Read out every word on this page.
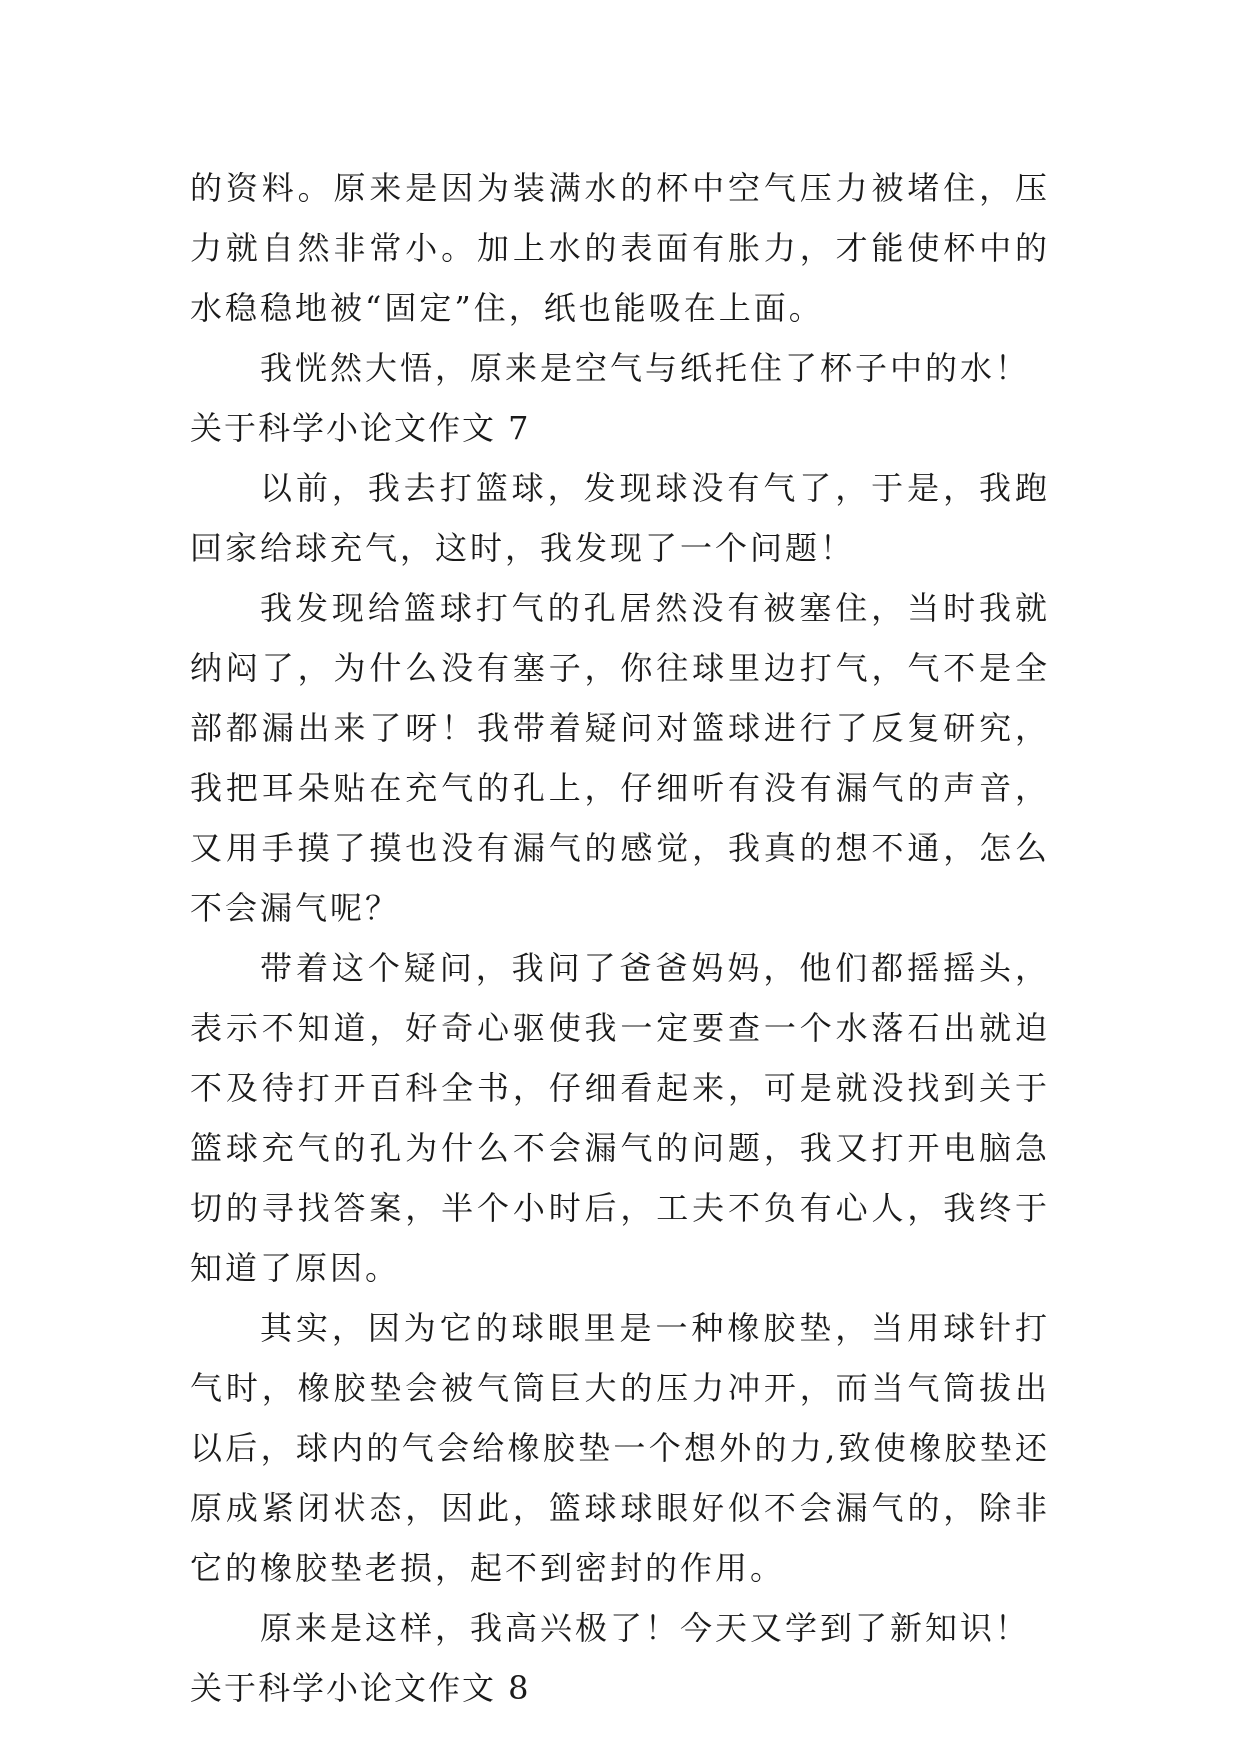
的资料。原来是因为装满水的杯中空气压力被堵住，压力就自然非常小。加上水的表面有胀力，才能使杯中的水稳稳地被“固定”住，纸也能吸在上面。

我恍然大悟，原来是空气与纸托住了杯子中的水！

关于科学小论文作文 7

以前，我去打篮球，发现球没有气了，于是，我跑回家给球充气，这时，我发现了一个问题！

我发现给篮球打气的孔居然没有被塞住，当时我就纳闷了，为什么没有塞子，你往球里边打气，气不是全部都漏出来了呀！我带着疑问对篮球进行了反复研究，我把耳朵贴在充气的孔上，仔细听有没有漏气的声音，又用手摸了摸也没有漏气的感觉，我真的想不通，怎么不会漏气呢？

带着这个疑问，我问了爸爸妈妈，他们都摇摇头，表示不知道，好奇心驱使我一定要查一个水落石出就迫不及待打开百科全书，仔细看起来，可是就没找到关于篮球充气的孔为什么不会漏气的问题，我又打开电脑急切的寻找答案，半个小时后，工夫不负有心人，我终于知道了原因。

其实，因为它的球眼里是一种橡胶垫，当用球针打气时，橡胶垫会被气筒巨大的压力冲开，而当气筒拔出以后，球内的气会给橡胶垫一个想外的力,致使橡胶垫还原成紧闭状态，因此，篮球球眼好似不会漏气的，除非它的橡胶垫老损，起不到密封的作用。

原来是这样，我高兴极了！今天又学到了新知识！

关于科学小论文作文 8
